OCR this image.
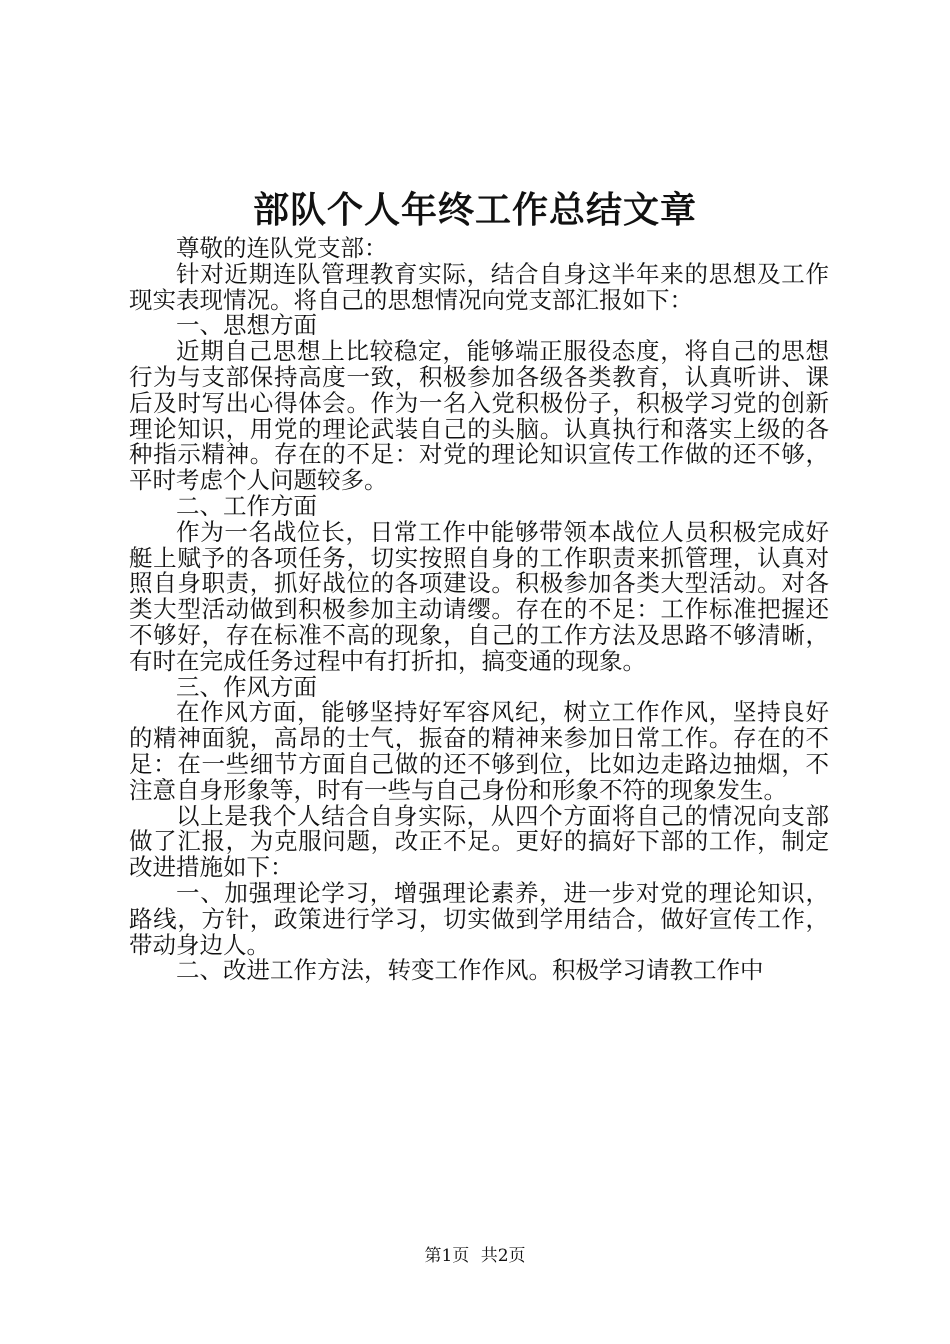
部队个人年终工作总结文章

尊敬的连队党支部：

针对近期连队管理教育实际，结合自身这半年来的思想及工作现实表现情况。将自己的思想情况向党支部汇报如下：

一、思想方面

近期自己思想上比较稳定，能够端正服役态度，将自己的思想行为与支部保持高度一致，积极参加各级各类教育，认真听讲、课后及时写出心得体会。作为一名入党积极份子，积极学习党的创新理论知识，用党的理论武装自己的头脑。认真执行和落实上级的各种指示精神。存在的不足：对党的理论知识宣传工作做的还不够，平时考虑个人问题较多。

二、工作方面

作为一名战位长，日常工作中能够带领本战位人员积极完成好艇上赋予的各项任务，切实按照自身的工作职责来抓管理，认真对照自身职责，抓好战位的各项建设。积极参加各类大型活动。对各类大型活动做到积极参加主动请缨。存在的不足：工作标准把握还不够好，存在标准不高的现象，自己的工作方法及思路不够清晰，有时在完成任务过程中有打折扣，搞变通的现象。

三、作风方面

在作风方面，能够坚持好军容风纪，树立工作作风，坚持良好的精神面貌，高昂的士气，振奋的精神来参加日常工作。存在的不足：在一些细节方面自己做的还不够到位，比如边走路边抽烟，不注意自身形象等，时有一些与自己身份和形象不符的现象发生。

以上是我个人结合自身实际，从四个方面将自己的情况向支部做了汇报，为克服问题，改正不足。更好的搞好下部的工作，制定改进措施如下：

一、加强理论学习，增强理论素养，进一步对党的理论知识，路线，方针，政策进行学习，切实做到学用结合，做好宣传工作，带动身边人。

二、改进工作方法，转变工作作风。积极学习请教工作中

第1页 共2页
